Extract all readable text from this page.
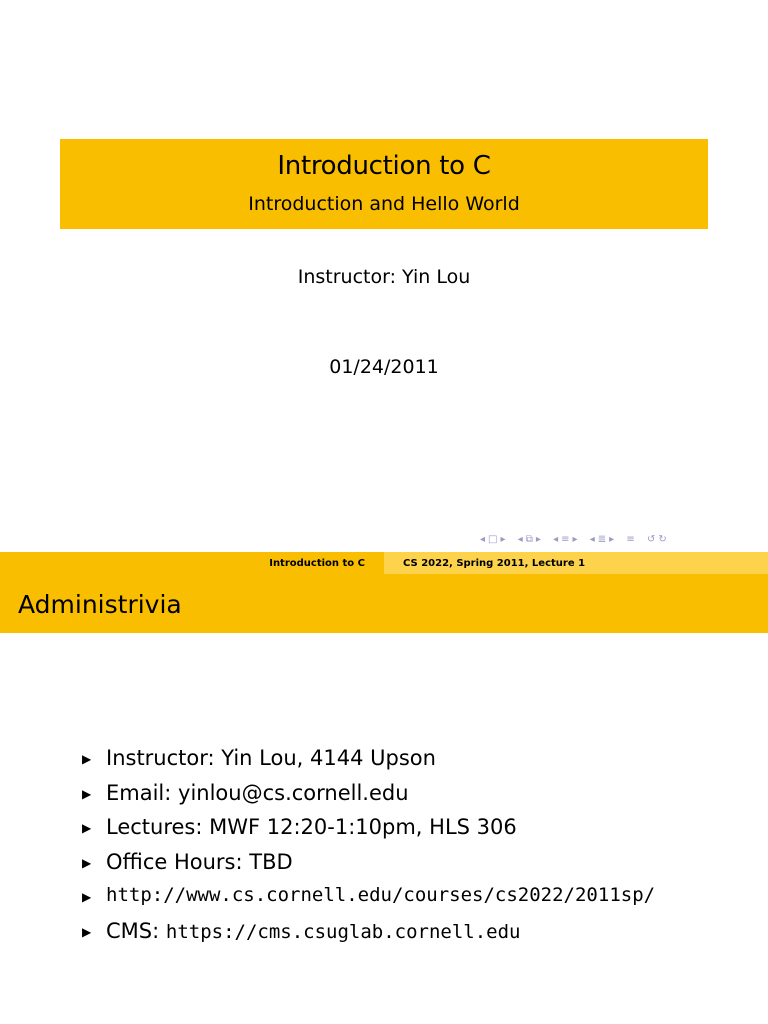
Introduction to C
Introduction and Hello World
Instructor: Yin Lou
01/24/2011
◂ □ ▸ ◂ ⧉ ▸ ◂ ≡ ▸ ◂ ≣ ▸ ≡ ↺ ↻
Introduction to C	CS 2022, Spring 2011, Lecture 1
Administrivia
▶ Instructor: Yin Lou, 4144 Upson
▶ Email: yinlou@cs.cornell.edu
▶ Lectures: MWF 12:20-1:10pm, HLS 306
▶ Office Hours: TBD
▶ http://www.cs.cornell.edu/courses/cs2022/2011sp/
▶ CMS: https://cms.csuglab.cornell.edu
